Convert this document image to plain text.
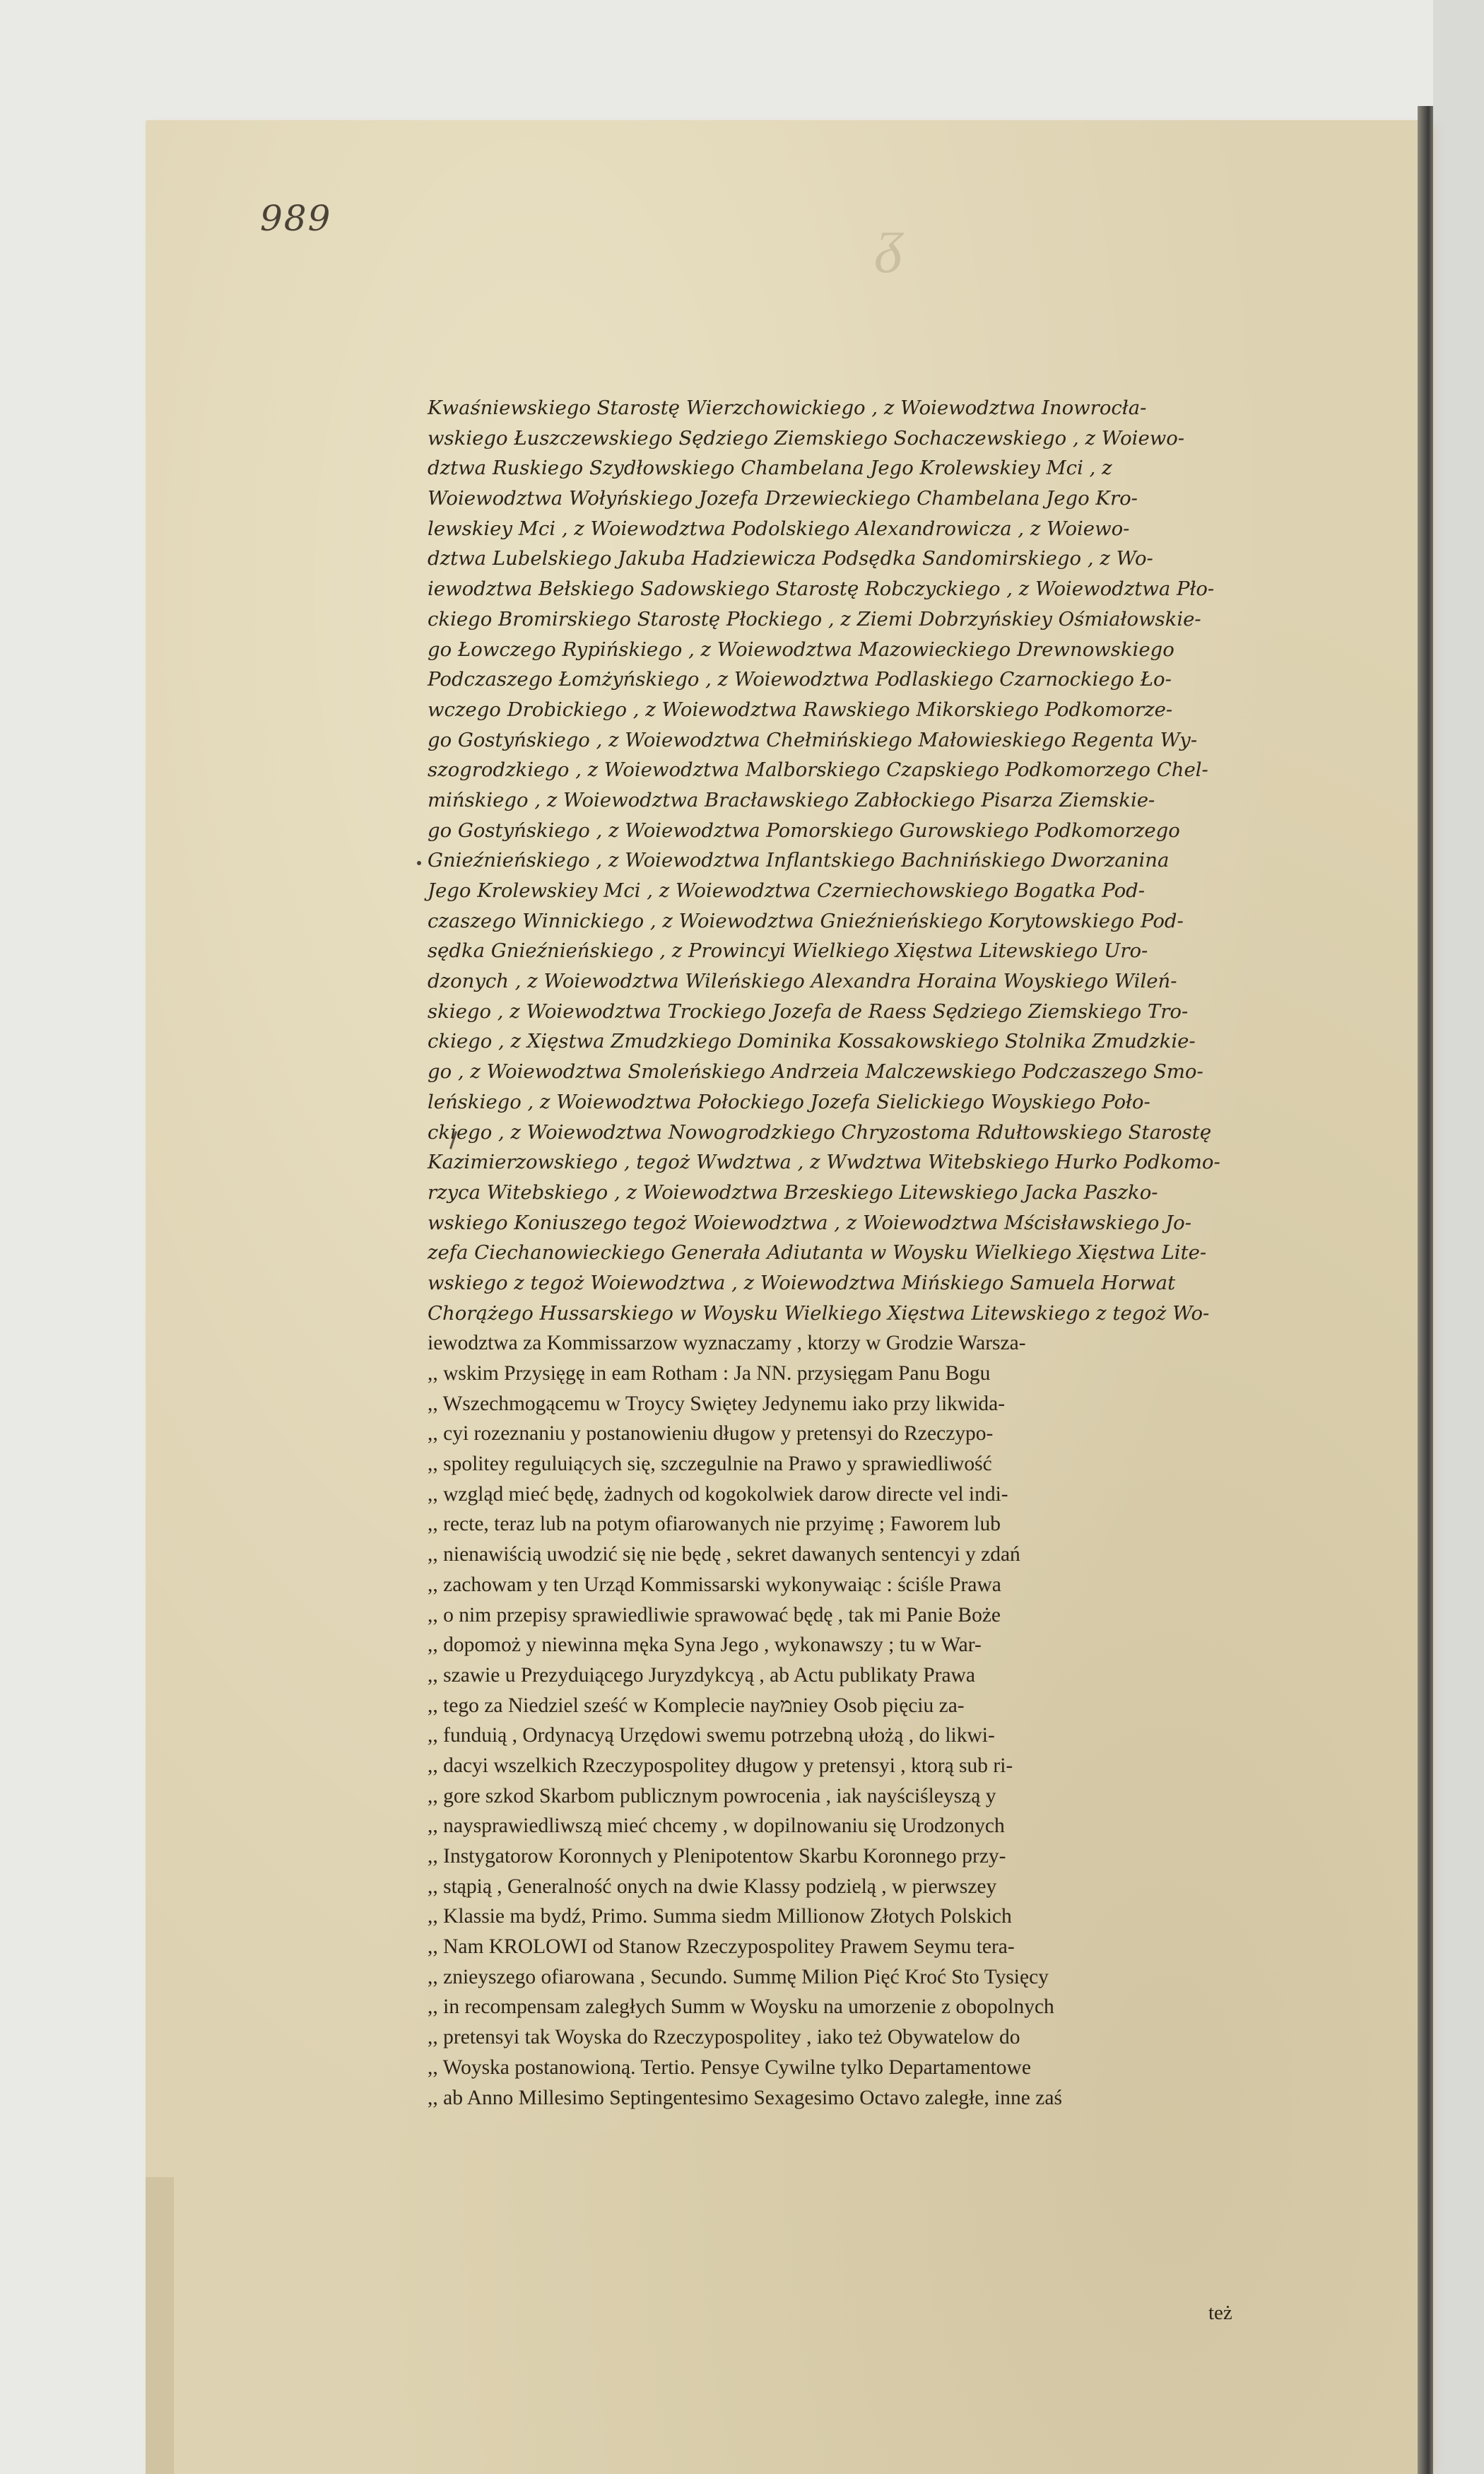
989	ᵹ
Kwaśniewskiego Starostę Wierzchowickiego , z Woiewodztwa Inowrocła-
wskiego Łuszczewskiego Sędziego Ziemskiego Sochaczewskiego , z Woiewo-
dztwa Ruskiego Szydłowskiego Chambelana Jego Krolewskiey Mci , z
Woiewodztwa Wołyńskiego Jozefa Drzewieckiego Chambelana Jego Kro-
lewskiey Mci , z Woiewodztwa Podolskiego Alexandrowicza , z Woiewo-
dztwa Lubelskiego Jakuba Hadziewicza Podsędka Sandomirskiego , z Wo-
iewodztwa Bełskiego Sadowskiego Starostę Robczyckiego , z Woiewodztwa Pło-
ckiego Bromirskiego Starostę Płockiego , z Ziemi Dobrzyńskiey Ośmiałowskie-
go Łowczego Rypińskiego , z Woiewodztwa Mazowieckiego Drewnowskiego
Podczaszego Łomżyńskiego , z Woiewodztwa Podlaskiego Czarnockiego Ło-
wczego Drobickiego , z Woiewodztwa Rawskiego Mikorskiego Podkomorze-
go Gostyńskiego , z Woiewodztwa Chełmińskiego Małowieskiego Regenta Wy-
szogrodzkiego , z Woiewodztwa Malborskiego Czapskiego Podkomorzego Chel-
mińskiego , z Woiewodztwa Bracławskiego Zabłockiego Pisarza Ziemskie-
go Gostyńskiego , z Woiewodztwa Pomorskiego Gurowskiego Podkomorzego
Gnieźnieńskiego , z Woiewodztwa Inflantskiego Bachnińskiego Dworzanina
Jego Krolewskiey Mci , z Woiewodztwa Czerniechowskiego Bogatka Pod-
czaszego Winnickiego , z Woiewodztwa Gnieźnieńskiego Korytowskiego Pod-
sędka Gnieźnieńskiego , z Prowincyi Wielkiego Xięstwa Litewskiego Uro-
dzonych , z Woiewodztwa Wileńskiego Alexandra Horaina Woyskiego Wileń-
skiego , z Woiewodztwa Trockiego Jozefa de Raess Sędziego Ziemskiego Tro-
ckiego , z Xięstwa Zmudzkiego Dominika Kossakowskiego Stolnika Zmudzkie-
go , z Woiewodztwa Smoleńskiego Andrzeia Malczewskiego Podczaszego Smo-
leńskiego , z Woiewodztwa Połockiego Jozefa Sielickiego Woyskiego Poło-
ckiego , z Woiewodztwa Nowogrodzkiego Chryzostoma Rdułtowskiego Starostę
Kazimierzowskiego , tegoż Wwdztwa , z Wwdztwa Witebskiego Hurko Podkomo-
rzyca Witebskiego , z Woiewodztwa Brzeskiego Litewskiego Jacka Paszko-
wskiego Koniuszego tegoż Woiewodztwa , z Woiewodztwa Mścisławskiego Jo-
zefa Ciechanowieckiego Generała Adiutanta w Woysku Wielkiego Xięstwa Lite-
wskiego z tegoż Woiewodztwa , z Woiewodztwa Mińskiego Samuela Horwat
Chorążego Hussarskiego w Woysku Wielkiego Xięstwa Litewskiego z tegoż Wo-
iewodztwa za Kommissarzow wyznaczamy , ktorzy w Grodzie Warsza-
,, wskim Przysięgę in eam Rotham : Ja NN. przysięgam Panu Bogu
,, Wszechmogącemu w Troycy Swiętey Jedynemu iako przy likwida-
,, cyi rozeznaniu y postanowieniu długow y pretensyi do Rzeczypo-
,, spolitey reguluiących się, szczegulnie na Prawo y sprawiedliwość
,, wzgląd mieć będę, żadnych od kogokolwiek darow directe vel indi-
,, recte, teraz lub na potym ofiarowanych nie przyimę ; Faworem lub
,, nienawiścią uwodzić się nie będę , sekret dawanych sentencyi y zdań
,, zachowam y ten Urząd Kommissarski wykonywaiąc : ściśle Prawa
,, o nim przepisy sprawiedliwie sprawować będę , tak mi Panie Boże
,, dopomoż y niewinna męka Syna Jego , wykonawszy ; tu w War-
,, szawie u Prezyduiącego Juryzdykcyą , ab Actu publikaty Prawa
,, tego za Niedziel sześć w Komplecie nayמniey Osob pięciu za-
,, funduią , Ordynacyą Urzędowi swemu potrzebną ułożą , do likwi-
,, dacyi wszelkich Rzeczypospolitey długow y pretensyi , ktorą sub ri-
,, gore szkod Skarbom publicznym powrocenia , iak nayściśleyszą y
,, naysprawiedliwszą mieć chcemy , w dopilnowaniu się Urodzonych
,, Instygatorow Koronnych y Plenipotentow Skarbu Koronnego przy-
,, stąpią , Generalność onych na dwie Klassy podzielą , w pierwszey
,, Klassie ma bydź, Primo. Summa siedm Millionow Złotych Polskich
,, Nam KROLOWI od Stanow Rzeczypospolitey Prawem Seymu tera-
,, znieyszego ofiarowana , Secundo. Summę Milion Pięć Kroć Sto Tysięcy
,, in recompensam zaległych Summ w Woysku na umorzenie z obopolnych
,, pretensyi tak Woyska do Rzeczypospolitey , iako też Obywatelow do
,, Woyska postanowioną. Tertio. Pensye Cywilne tylko Departamentowe
,, ab Anno Millesimo Septingentesimo Sexagesimo Octavo zaległe, inne zaś
też
